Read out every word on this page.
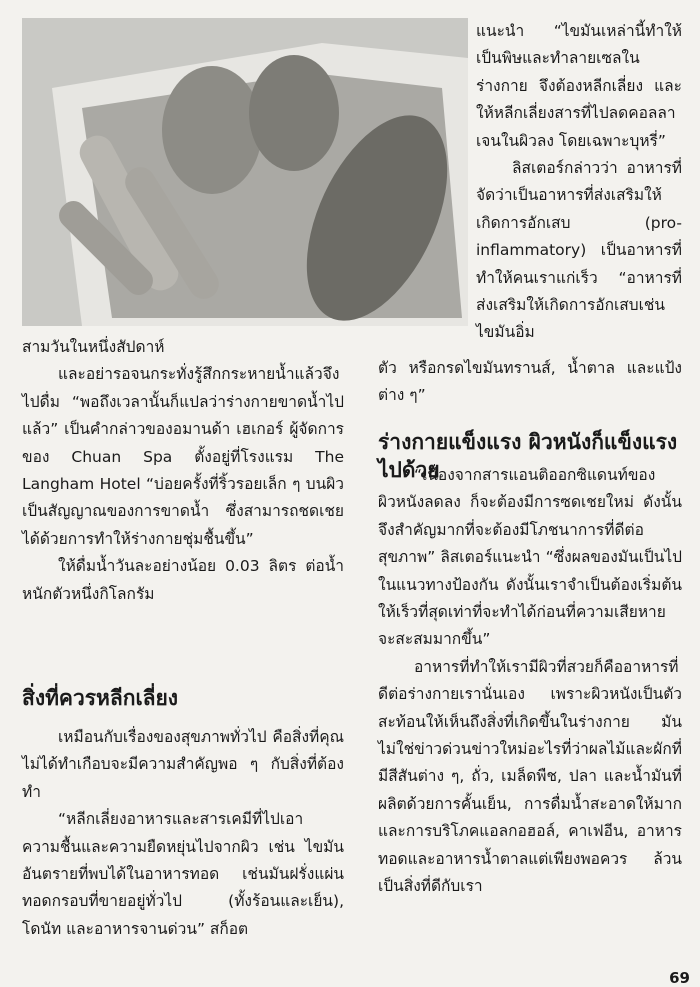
แนะนำ “ไขมันเหล่านี้ทำให้เป็นพิษและทำลายเซลในร่างกาย จึงต้องหลีกเลี่ยง และให้หลีกเลี่ยงสารที่ไปลดคอลลาเจนในผิวลง โดยเฉพาะบุหรี่”

ลิสเตอร์กล่าวว่า อาหารที่จัดว่าเป็นอาหารที่ส่งเสริมให้เกิดการอักเสบ (pro-inflammatory) เป็นอาหารที่ทำให้คนเราแก่เร็ว “อาหารที่ส่งเสริมให้เกิดการอักเสบเช่นไขมันอิ่ม

สามวันในหนึ่งสัปดาห์

และอย่ารอจนกระทั่งรู้สึกกระหายน้ำแล้วจึงไปดื่ม “พอถึงเวลานั้นก็แปลว่าร่างกายขาดน้ำไปแล้ว” เป็นคำกล่าวของอมานด้า เฮเกอร์ ผู้จัดการของ Chuan Spa ตั้งอยู่ที่โรงแรม The Langham Hotel “บ่อยครั้งที่ริ้วรอยเล็ก ๆ บนผิวเป็นสัญญาณของการขาดน้ำ ซึ่งสามารถชดเชยได้ด้วยการทำให้ร่างกายชุ่มชื้นขึ้น”

ให้ดื่มน้ำวันละอย่างน้อย 0.03 ลิตร ต่อน้ำหนักตัวหนึ่งกิโลกรัม

ตัว หรือกรดไขมันทรานส์, น้ำตาล และแป้งต่าง ๆ”

ร่างกายแข็งแรง ผิวหนังก็แข็งแรงไปด้วย

“เนื่องจากสารแอนติออกซิแดนท์ของผิวหนังลดลง ก็จะต้องมีการซดเชยใหม่ ดังนั้นจึงสำคัญมากที่จะต้องมีโภชนาการที่ดีต่อสุขภาพ” ลิสเตอร์แนะนำ “ซึ่งผลของมันเป็นไปในแนวทางป้องกัน ดังนั้นเราจำเป็นต้องเริ่มต้นให้เร็วที่สุดเท่าที่จะทำได้ก่อนที่ความเสียหายจะสะสมมากขึ้น”

อาหารที่ทำให้เรามีผิวที่สวยก็คืออาหารที่ดีต่อร่างกายเรานั่นเอง เพราะผิวหนังเป็นตัวสะท้อนให้เห็นถึงสิ่งที่เกิดขึ้นในร่างกาย มันไม่ใช่ข่าวด่วนข่าวใหม่อะไรที่ว่าผลไม้และผักที่มีสีสันต่าง ๆ, ถั่ว, เมล็ดพืช, ปลา และน้ำมันที่ผลิตด้วยการคั้นเย็น, การดื่มน้ำสะอาดให้มาก และการบริโภคแอลกอฮอล์, คาเฟอีน, อาหารทอดและอาหารน้ำตาลแต่เพียงพอควร ล้วนเป็นสิ่งที่ดีกับเรา

สิ่งที่ควรหลีกเลี่ยง

เหมือนกับเรื่องของสุขภาพทั่วไป คือสิ่งที่คุณไม่ได้ทำเกือบจะมีความสำคัญพอ ๆ กับสิ่งที่ต้องทำ

“หลีกเลี่ยงอาหารและสารเคมีที่ไปเอาความชื้นและความยืดหยุ่นไปจากผิว เช่น ไขมันอันตรายที่พบได้ในอาหารทอด เช่นมันฝรั่งแผ่นทอดกรอบที่ขายอยู่ทั่วไป (ทั้งร้อนและเย็น), โดนัท และอาหารจานด่วน” สก็อต

69
